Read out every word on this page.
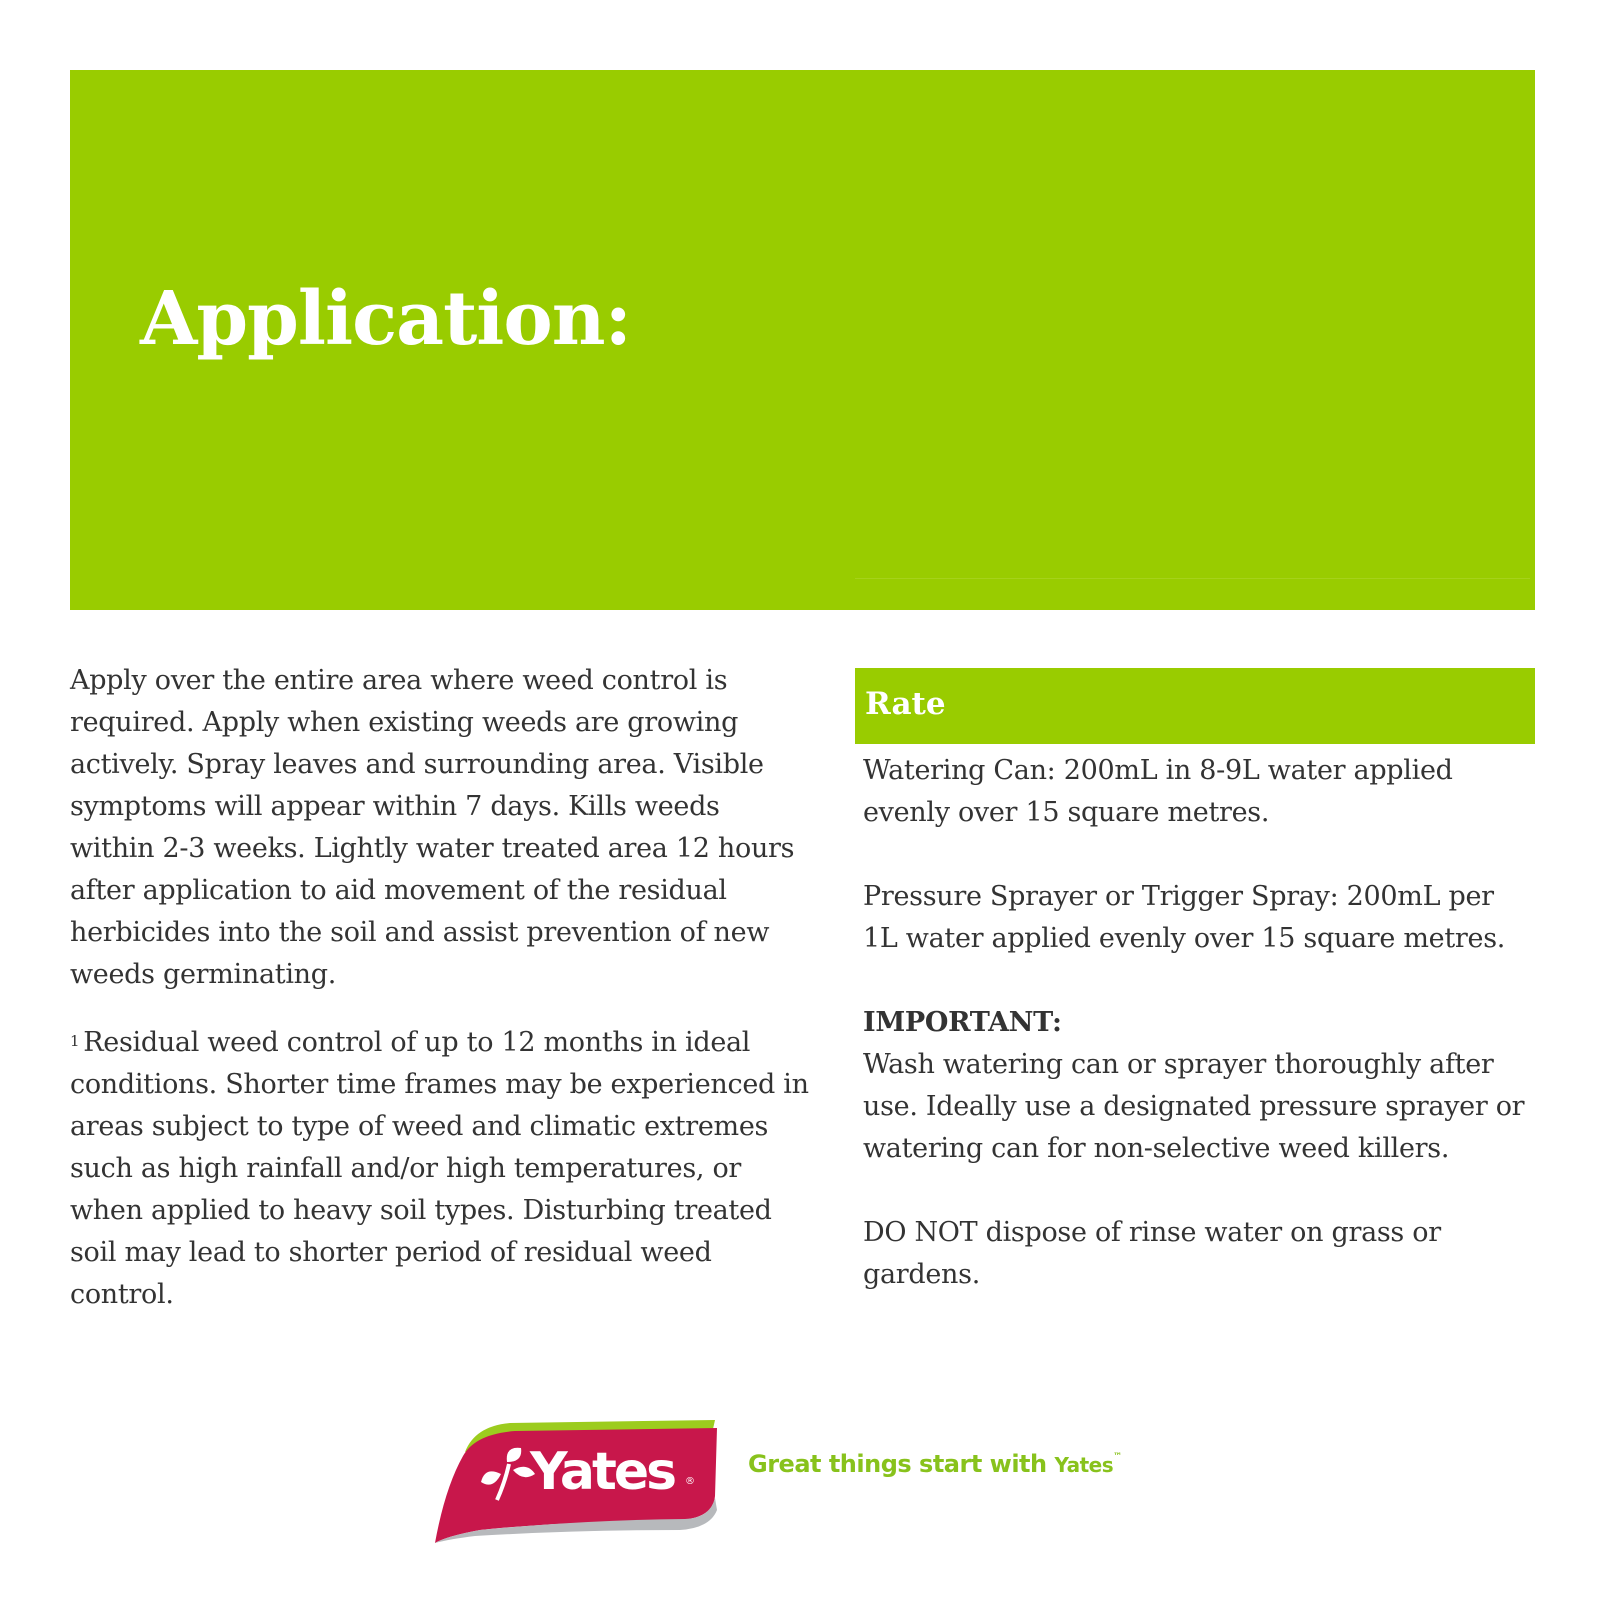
Application:

Apply over the entire area where weed control is required. Apply when existing weeds are growing actively. Spray leaves and surrounding area. Visible symptoms will appear within 7 days. Kills weeds within 2-3 weeks. Lightly water treated area 12 hours after application to aid movement of the residual herbicides into the soil and assist prevention of new weeds germinating.

$^1$ Residual weed control of up to 12 months in ideal conditions. Shorter time frames may be experienced in areas subject to type of weed and climatic extremes such as high rainfall and/or high temperatures, or when applied to heavy soil types. Disturbing treated soil may lead to shorter period of residual weed control.

Rate

Watering Can: 200mL in 8-9L water applied evenly over 15 square metres.

Pressure Sprayer or Trigger Spray: 200mL per 1L water applied evenly over 15 square metres.

IMPORTANT:
Wash watering can or sprayer thoroughly after use. Ideally use a designated pressure sprayer or watering can for non-selective weed killers.

DO NOT dispose of rinse water on grass or gardens.

Yates ®
Great things start with Yates™
